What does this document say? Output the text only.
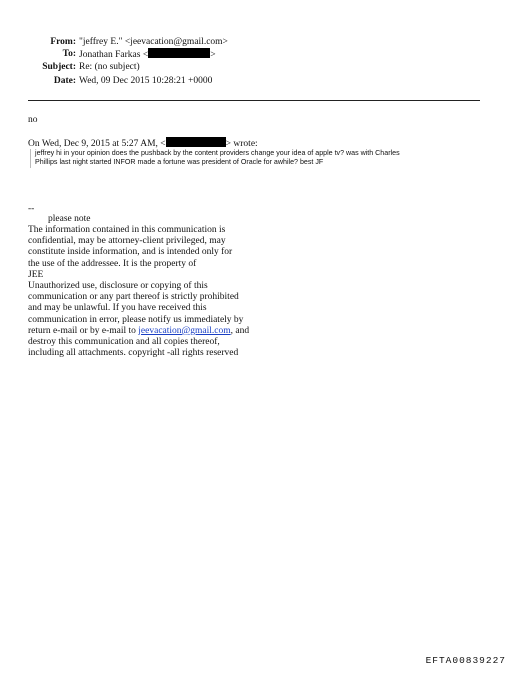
From: "jeffrey E." <jeevacation@gmail.com>
To: Jonathan Farkas <	>
Subject: Re: (no subject)
Date: Wed, 09 Dec 2015 10:28:21 +0000
no
On Wed, Dec 9, 2015 at 5:27 AM, <	> wrote:
jeffrey hi in your opinion does the pushback by the content providers change your idea of apple tv? was with Charles
Phillips last night started INFOR made a fortune was president of Oracle for awhile? best JF
--
please note
The information contained in this communication is
confidential, may be attorney-client privileged, may
constitute inside information, and is intended only for
the use of the addressee. It is the property of
JEE
Unauthorized use, disclosure or copying of this
communication or any part thereof is strictly prohibited
and may be unlawful. If you have received this
communication in error, please notify us immediately by
return e-mail or by e-mail to jeevacation@gmail.com, and
destroy this communication and all copies thereof,
including all attachments. copyright -all rights reserved
EFTA00839227
